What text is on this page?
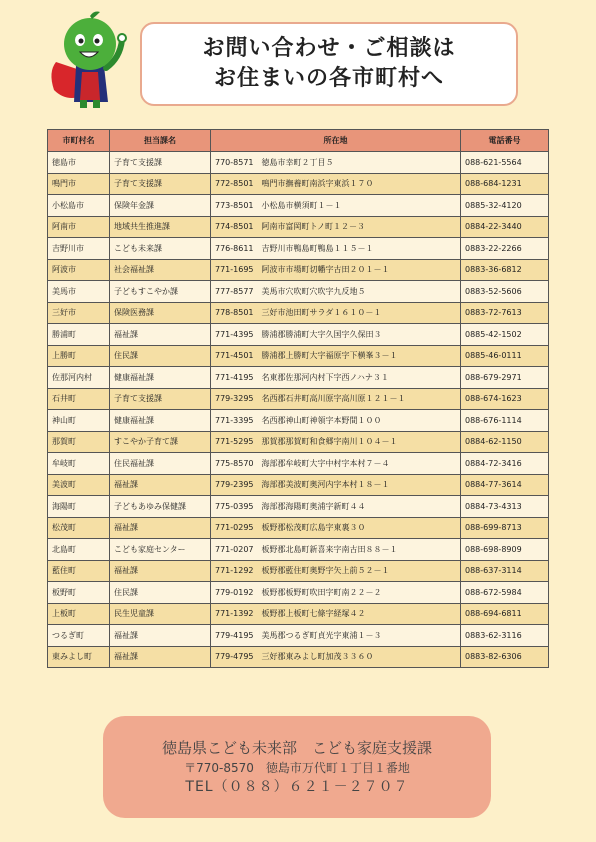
お問い合わせ・ご相談は
お住まいの各市町村へ
市町村名	担当課名	所在地	電話番号
徳島市	子育て支援課	770-8571　徳島市幸町２丁目５	088-621-5564
鳴門市	子育て支援課	772-8501　鳴門市撫養町南浜字東浜１７０	088-684-1231
小松島市	保険年金課	773-8501　小松島市横須町１－１	0885-32-4120
阿南市	地域共生推進課	774-8501　阿南市富岡町トノ町１２－３	0884-22-3440
吉野川市	こども未来課	776-8611　吉野川市鴨島町鴨島１１５－１	0883-22-2266
阿波市	社会福祉課	771-1695　阿波市市場町切幡字古田２０１－１	0883-36-6812
美馬市	子どもすこやか課	777-8577　美馬市穴吹町穴吹字九反地５	0883-52-5606
三好市	保険医務課	778-8501　三好市池田町サラダ１６１０－１	0883-72-7613
勝浦町	福祉課	771-4395　勝浦郡勝浦町大字久国字久保田３	0885-42-1502
上勝町	住民課	771-4501　勝浦郡上勝町大字福原字下横峯３－１	0885-46-0111
佐那河内村	健康福祉課	771-4195　名東郡佐那河内村下字西ノハナ３１	088-679-2971
石井町	子育て支援課	779-3295　名西郡石井町高川原字高川原１２１－１	088-674-1623
神山町	健康福祉課	771-3395　名西郡神山町神領字本野間１００	088-676-1114
那賀町	すこやか子育て課	771-5295　那賀郡那賀町和食郷字南川１０４－１	0884-62-1150
牟岐町	住民福祉課	775-8570　海部郡牟岐町大字中村字本村７－４	0884-72-3416
美波町	福祉課	779-2395　海部郡美波町奥河内字本村１８－１	0884-77-3614
海陽町	子どもあゆみ保健課	775-0395　海部郡海陽町奥浦字新町４４	0884-73-4313
松茂町	福祉課	771-0295　板野郡松茂町広島字東裏３０	088-699-8713
北島町	こども家庭センター	771-0207　板野郡北島町新喜来字南古田８８－１	088-698-8909
藍住町	福祉課	771-1292　板野郡藍住町奥野字矢上前５２－１	088-637-3114
板野町	住民課	779-0192　板野郡板野町吹田字町南２２－２	088-672-5984
上板町	民生児童課	771-1392　板野郡上板町七條字経塚４２	088-694-6811
つるぎ町	福祉課	779-4195　美馬郡つるぎ町貞光字東浦１－３	0883-62-3116
東みよし町	福祉課	779-4795　三好郡東みよし町加茂３３６０	0883-82-6306
徳島県こども未来部　こども家庭支援課
〒770-8570　徳島市万代町１丁目１番地
TEL（０８８）６２１－２７０７
